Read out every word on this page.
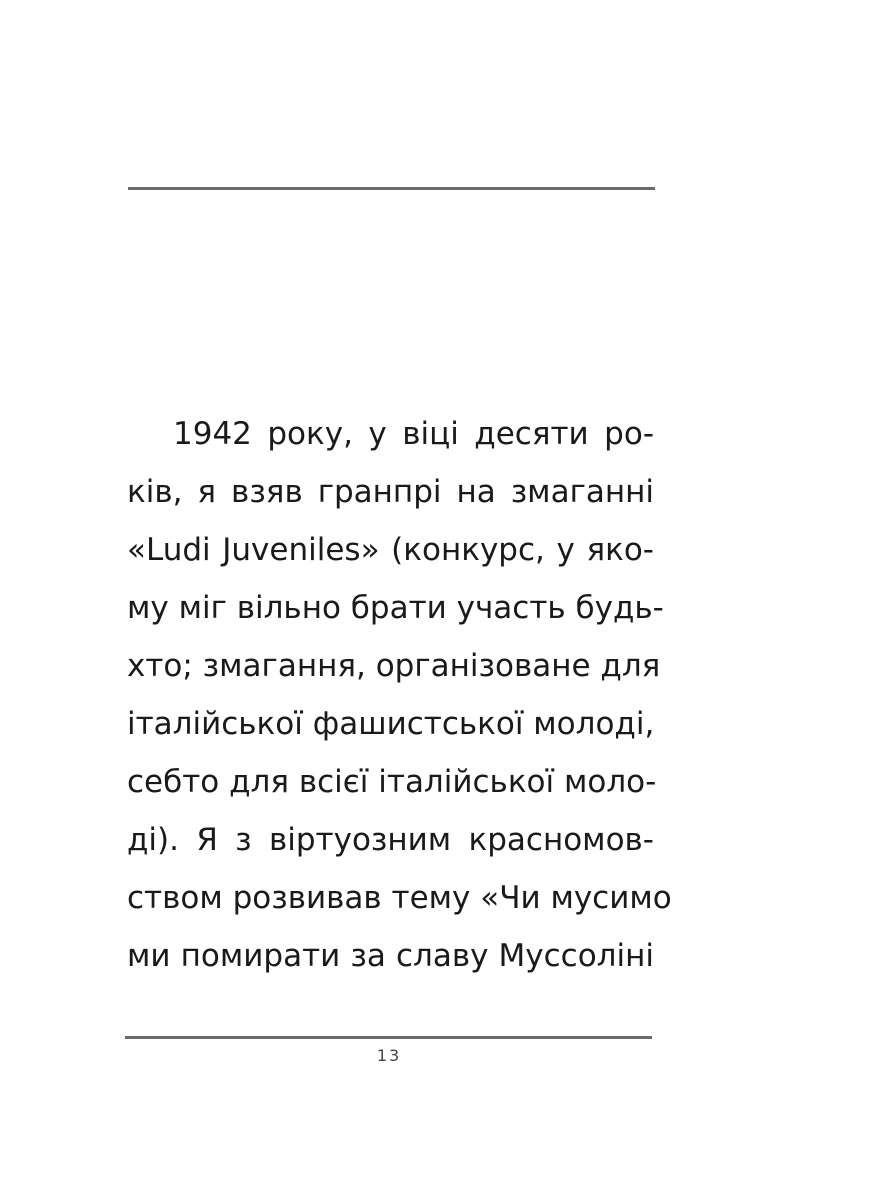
1942 року, у віці десяти ро-
ків, я взяв гранпрі на змаганні
«Ludi Juveniles» (конкурс, у яко-
му міг вільно брати участь будь-
хто; змагання, організоване для
італійської фашистської молоді,
себто для всієї італійської моло-
ді). Я з віртуозним красномов-
ством розвивав тему «Чи мусимо
ми помирати за славу Муссоліні
13
